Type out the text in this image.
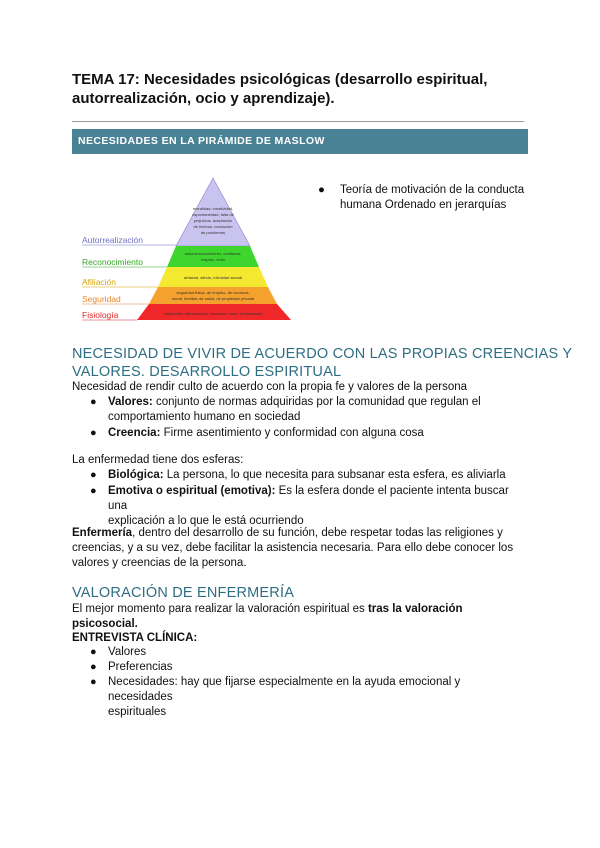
TEMA 17: Necesidades psicológicas (desarrollo espiritual, autorrealización, ocio y aprendizaje).
NECESIDADES EN LA PIRÁMIDE DE MASLOW
moralidad, creatividad,
espontaneidad, falta de
prejuicios, aceptación
de hechos, resolución
de problemas
autorreconocimiento, confianza,
respeto, éxito
amistad, afecto, intimidad sexual
seguridad física, de empleo, de recursos,
moral, familiar, de salud, de propiedad privada
respiración, alimentación, descanso, sexo, homeostasis
Autorrealización
Reconocimiento
Afiliación
Seguridad
Fisiología
●	Teoría de motivación de la conducta humana Ordenado en jerarquías
NECESIDAD DE VIVIR DE ACUERDO CON LAS PROPIAS CREENCIAS Y
VALORES. DESARROLLO ESPIRITUAL
Necesidad de rendir culto de acuerdo con la propia fe y valores de la persona
● Valores: conjunto de normas adquiridas por la comunidad que regulan el
comportamiento humano en sociedad
● Creencia: Firme asentimiento y conformidad con alguna cosa
La enfermedad tiene dos esferas:
● Biológica: La persona, lo que necesita para subsanar esta esfera, es aliviarla
● Emotiva o espiritual (emotiva): Es la esfera donde el paciente intenta buscar una
explicación a lo que le está ocurriendo
Enfermería, dentro del desarrollo de su función, debe respetar todas las religiones y
creencias, y a su vez, debe facilitar la asistencia necesaria. Para ello debe conocer los
valores y creencias de la persona.
VALORACIÓN DE ENFERMERÍA
El mejor momento para realizar la valoración espiritual es tras la valoración psicosocial.
ENTREVISTA CLÍNICA:
● Valores
● Preferencias
● Necesidades: hay que fijarse especialmente en la ayuda emocional y necesidades
espirituales
